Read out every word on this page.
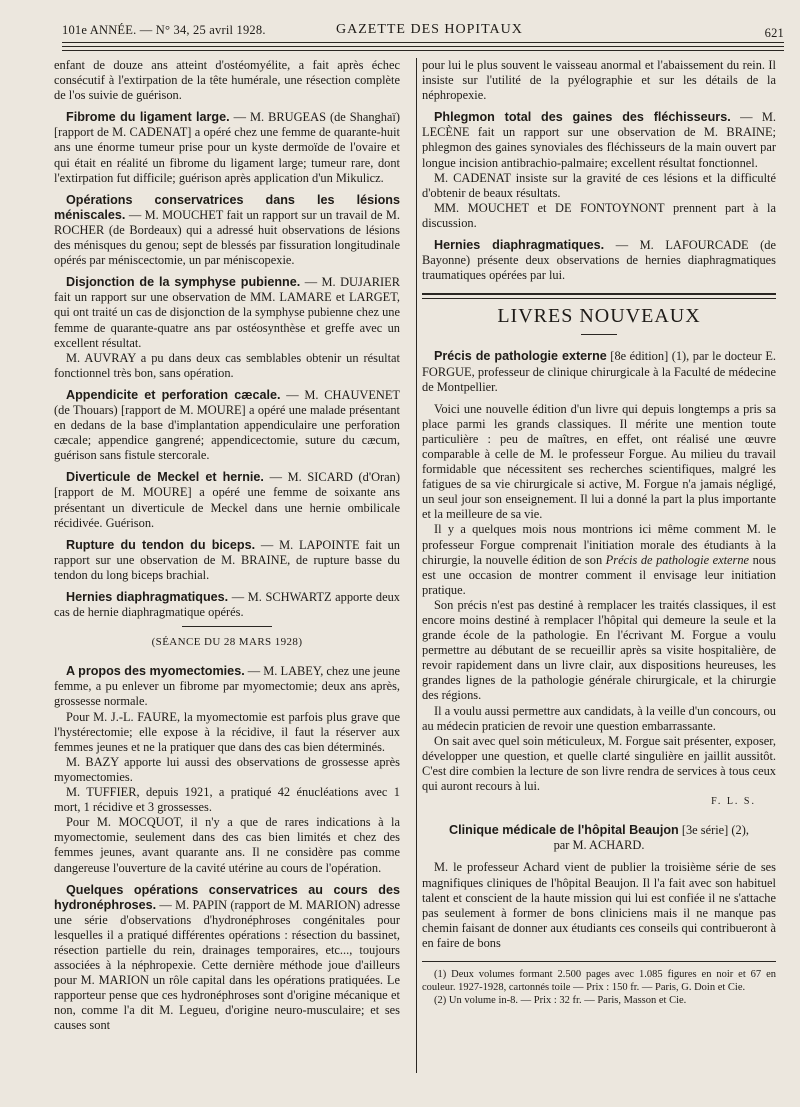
101e ANNÉE. — N° 34, 25 avril 1928.	GAZETTE DES HOPITAUX	621

enfant de douze ans atteint d'ostéomyélite, a fait après échec consécutif à l'extirpation de la tête humérale, une résection complète de l'os suivie de guérison.

Fibrome du ligament large. — M. BRUGEAS (de Shanghaï) [rapport de M. CADENAT] a opéré chez une femme de quarante-huit ans une énorme tumeur prise pour un kyste dermoïde de l'ovaire et qui était en réalité un fibrome du ligament large; tumeur rare, dont l'extirpation fut difficile; guérison après application d'un Mikulicz.

Opérations conservatrices dans les lésions méniscales. — M. MOUCHET fait un rapport sur un travail de M. ROCHER (de Bordeaux) qui a adressé huit observations de lésions des ménisques du genou; sept de blessés par fissuration longitudinale opérés par méniscectomie, un par méniscopexie.

Disjonction de la symphyse pubienne. — M. DUJARIER fait un rapport sur une observation de MM. LAMARE et LARGET, qui ont traité un cas de disjonction de la symphyse pubienne chez une femme de quarante-quatre ans par ostéosynthèse et greffe avec un excellent résultat.

M. AUVRAY a pu dans deux cas semblables obtenir un résultat fonctionnel très bon, sans opération.

Appendicite et perforation cæcale. — M. CHAUVENET (de Thouars) [rapport de M. MOURE] a opéré une malade présentant en dedans de la base d'implantation appendiculaire une perforation cæcale; appendice gangrené; appendicectomie, suture du cæcum, guérison sans fistule stercorale.

Diverticule de Meckel et hernie. — M. SICARD (d'Oran) [rapport de M. MOURE] a opéré une femme de soixante ans présentant un diverticule de Meckel dans une hernie ombilicale récidivée. Guérison.

Rupture du tendon du biceps. — M. LAPOINTE fait un rapport sur une observation de M. BRAINE, de rupture basse du tendon du long biceps brachial.

Hernies diaphragmatiques. — M. SCHWARTZ apporte deux cas de hernie diaphragmatique opérés.

(SÉANCE DU 28 MARS 1928)

A propos des myomectomies. — M. LABEY, chez une jeune femme, a pu enlever un fibrome par myomectomie; deux ans après, grossesse normale.

Pour M. J.-L. FAURE, la myomectomie est parfois plus grave que l'hystérectomie; elle expose à la récidive, il faut la réserver aux femmes jeunes et ne la pratiquer que dans des cas bien déterminés.

M. BAZY apporte lui aussi des observations de grossesse après myomectomies.

M. TUFFIER, depuis 1921, a pratiqué 42 énucléations avec 1 mort, 1 récidive et 3 grossesses.

Pour M. MOCQUOT, il n'y a que de rares indications à la myomectomie, seulement dans des cas bien limités et chez des femmes jeunes, avant quarante ans. Il ne considère pas comme dangereuse l'ouverture de la cavité utérine au cours de l'opération.

Quelques opérations conservatrices au cours des hydronéphroses. — M. PAPIN (rapport de M. MARION) adresse une série d'observations d'hydronéphroses congénitales pour lesquelles il a pratiqué différentes opérations : résection du bassinet, résection partielle du rein, drainages temporaires, etc..., toujours associées à la néphropexie. Cette dernière méthode joue d'ailleurs pour M. MARION un rôle capital dans les opérations pratiquées. Le rapporteur pense que ces hydronéphroses sont d'origine mécanique et non, comme l'a dit M. Legueu, d'origine neuro-musculaire; et ses causes sont

pour lui le plus souvent le vaisseau anormal et l'abaissement du rein. Il insiste sur l'utilité de la pyélographie et sur les détails de la néphropexie.

Phlegmon total des gaines des fléchisseurs. — M. LECÈNE fait un rapport sur une observation de M. BRAINE; phlegmon des gaines synoviales des fléchisseurs de la main ouvert par longue incision antibrachio-palmaire; excellent résultat fonctionnel.

M. CADENAT insiste sur la gravité de ces lésions et la difficulté d'obtenir de beaux résultats.

MM. MOUCHET et DE FONTOYNONT prennent part à la discussion.

Hernies diaphragmatiques. — M. LAFOURCADE (de Bayonne) présente deux observations de hernies diaphragmatiques traumatiques opérées par lui.

LIVRES NOUVEAUX

Précis de pathologie externe [8e édition] (1), par le docteur E. FORGUE, professeur de clinique chirurgicale à la Faculté de médecine de Montpellier.

Voici une nouvelle édition d'un livre qui depuis longtemps a pris sa place parmi les grands classiques. Il mérite une mention toute particulière : peu de maîtres, en effet, ont réalisé une œuvre comparable à celle de M. le professeur Forgue. Au milieu du travail formidable que nécessitent ses recherches scientifiques, malgré les fatigues de sa vie chirurgicale si active, M. Forgue n'a jamais négligé, un seul jour son enseignement. Il lui a donné la part la plus importante et la meilleure de sa vie.

Il y a quelques mois nous montrions ici même comment M. le professeur Forgue comprenait l'initiation morale des étudiants à la chirurgie, la nouvelle édition de son Précis de pathologie externe nous est une occasion de montrer comment il envisage leur initiation pratique.

Son précis n'est pas destiné à remplacer les traités classiques, il est encore moins destiné à remplacer l'hôpital qui demeure la seule et la grande école de la pathologie. En l'écrivant M. Forgue a voulu permettre au débutant de se recueillir après sa visite hospitalière, de revoir rapidement dans un livre clair, aux dispositions heureuses, les grandes lignes de la pathologie générale chirurgicale, et la chirurgie des régions.

Il a voulu aussi permettre aux candidats, à la veille d'un concours, ou au médecin praticien de revoir une question embarrassante.

On sait avec quel soin méticuleux, M. Forgue sait présenter, exposer, développer une question, et quelle clarté singulière en jaillit aussitôt. C'est dire combien la lecture de son livre rendra de services à tous ceux qui auront recours à lui.

F. L. S.

Clinique médicale de l'hôpital Beaujon [3e série] (2),

par M. ACHARD.

M. le professeur Achard vient de publier la troisième série de ses magnifiques cliniques de l'hôpital Beaujon. Il l'a fait avec son habituel talent et conscient de la haute mission qui lui est confiée il ne s'attache pas seulement à former de bons cliniciens mais il ne manque pas chemin faisant de donner aux étudiants ces conseils qui contribueront à en faire de bons

(1) Deux volumes formant 2.500 pages avec 1.085 figures en noir et 67 en couleur. 1927-1928, cartonnés toile — Prix : 150 fr. — Paris, G. Doin et Cie.

(2) Un volume in-8. — Prix : 32 fr. — Paris, Masson et Cie.
